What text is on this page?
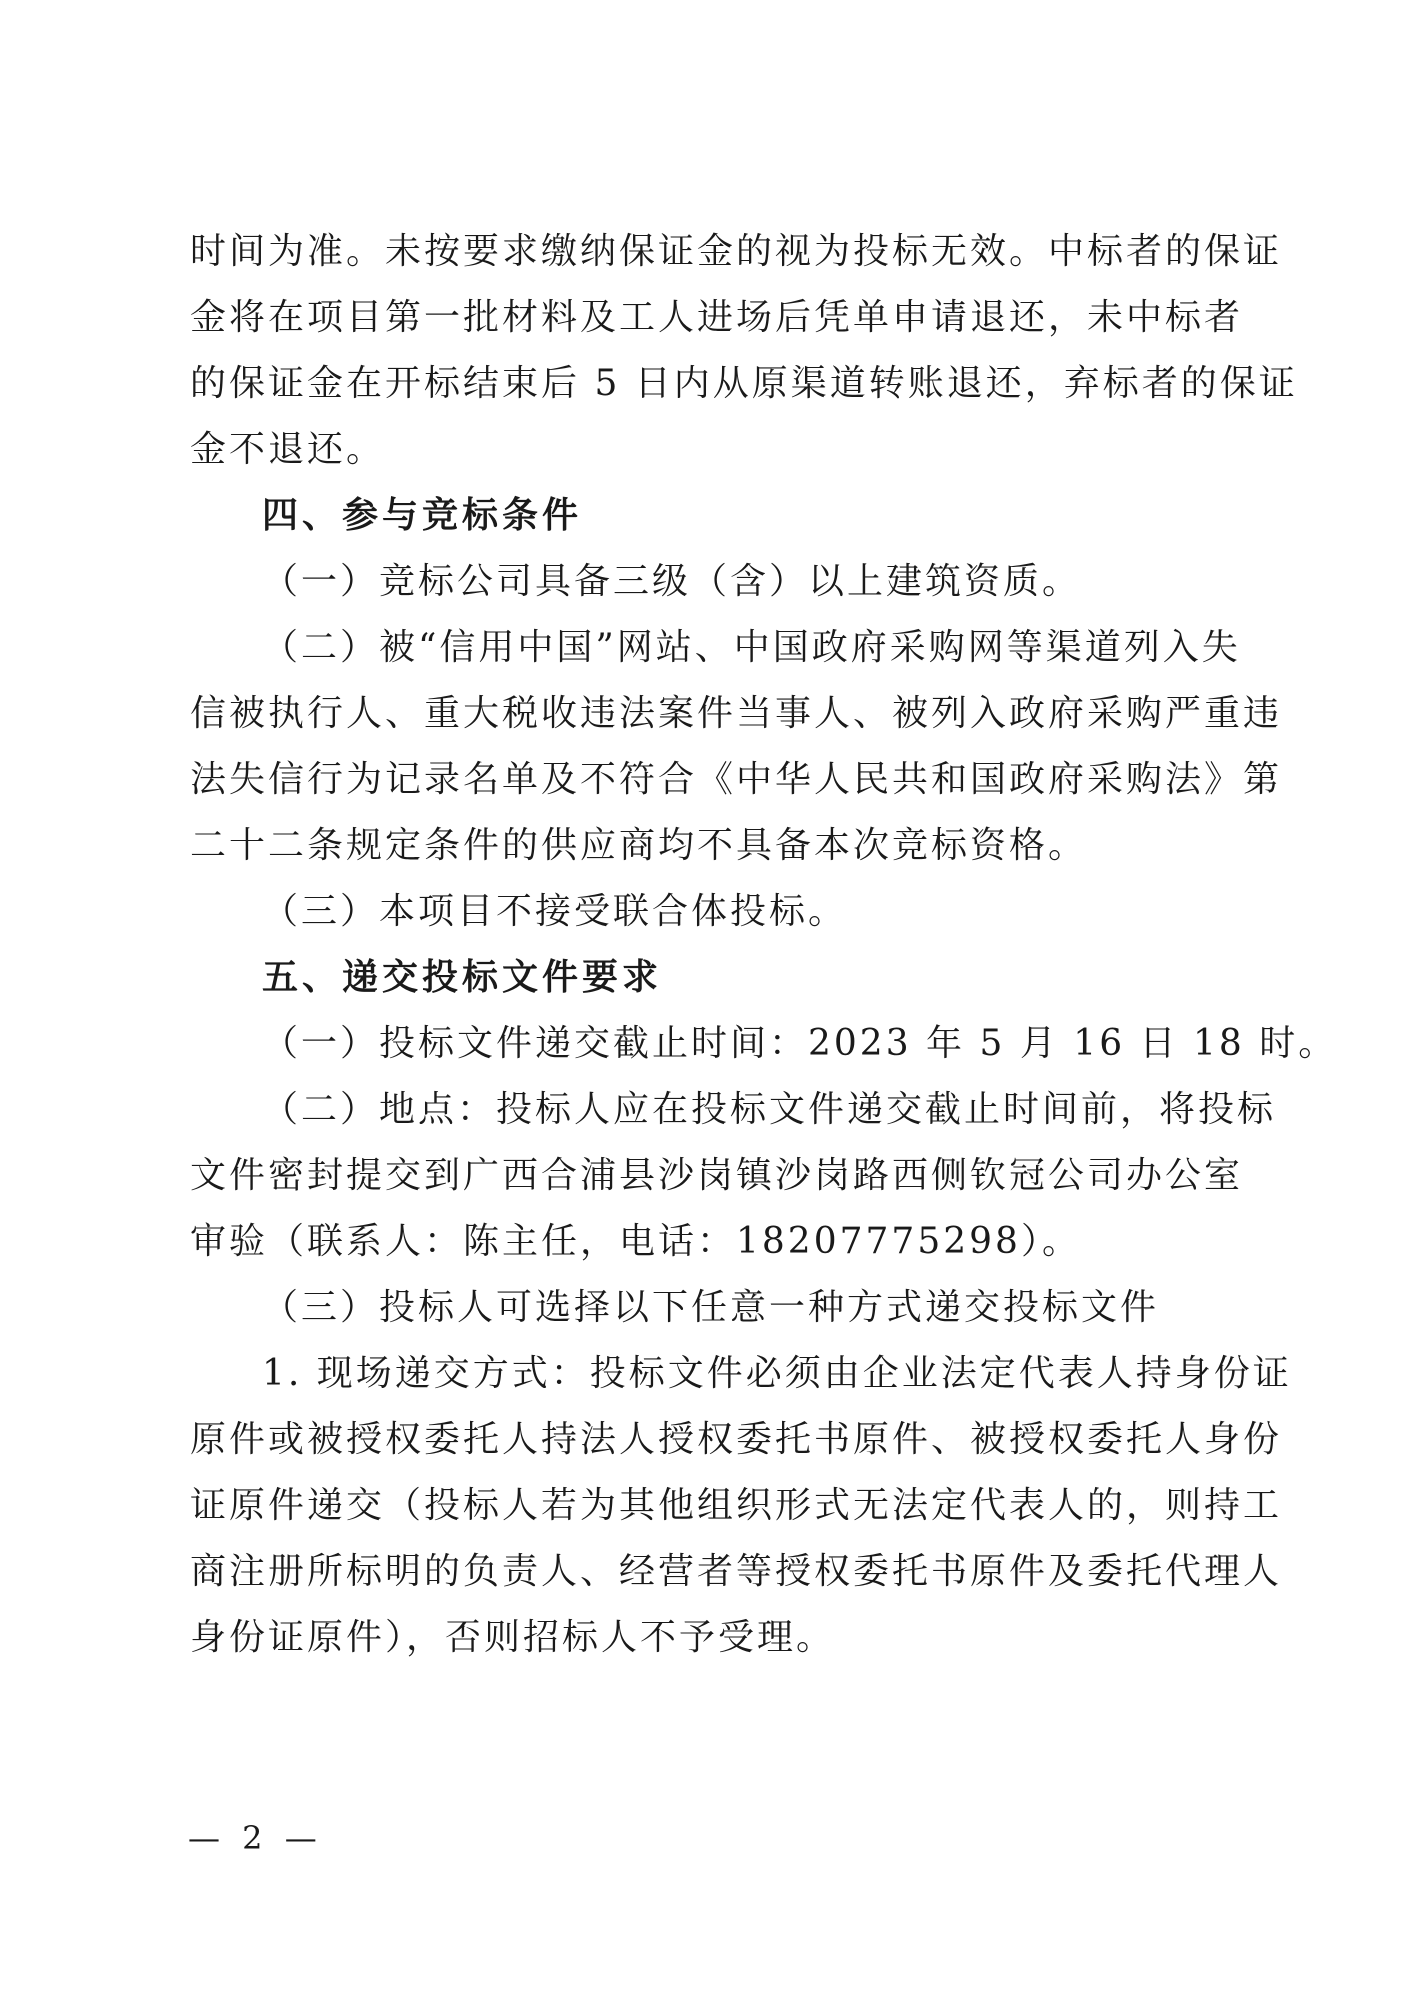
时间为准。未按要求缴纳保证金的视为投标无效。中标者的保证
金将在项目第一批材料及工人进场后凭单申请退还，未中标者
的保证金在开标结束后 5 日内从原渠道转账退还，弃标者的保证
金不退还。
四、参与竞标条件
（一）竞标公司具备三级（含）以上建筑资质。
（二）被“信用中国”网站、中国政府采购网等渠道列入失
信被执行人、重大税收违法案件当事人、被列入政府采购严重违
法失信行为记录名单及不符合《中华人民共和国政府采购法》第
二十二条规定条件的供应商均不具备本次竞标资格。
（三）本项目不接受联合体投标。
五、递交投标文件要求
（一）投标文件递交截止时间：2023 年 5 月 16 日 18 时。
（二）地点：投标人应在投标文件递交截止时间前，将投标
文件密封提交到广西合浦县沙岗镇沙岗路西侧钦冠公司办公室
审验（联系人：陈主任，电话：18207775298）。
（三）投标人可选择以下任意一种方式递交投标文件
1. 现场递交方式：投标文件必须由企业法定代表人持身份证
原件或被授权委托人持法人授权委托书原件、被授权委托人身份
证原件递交（投标人若为其他组织形式无法定代表人的，则持工
商注册所标明的负责人、经营者等授权委托书原件及委托代理人
身份证原件），否则招标人不予受理。
— 2 —
